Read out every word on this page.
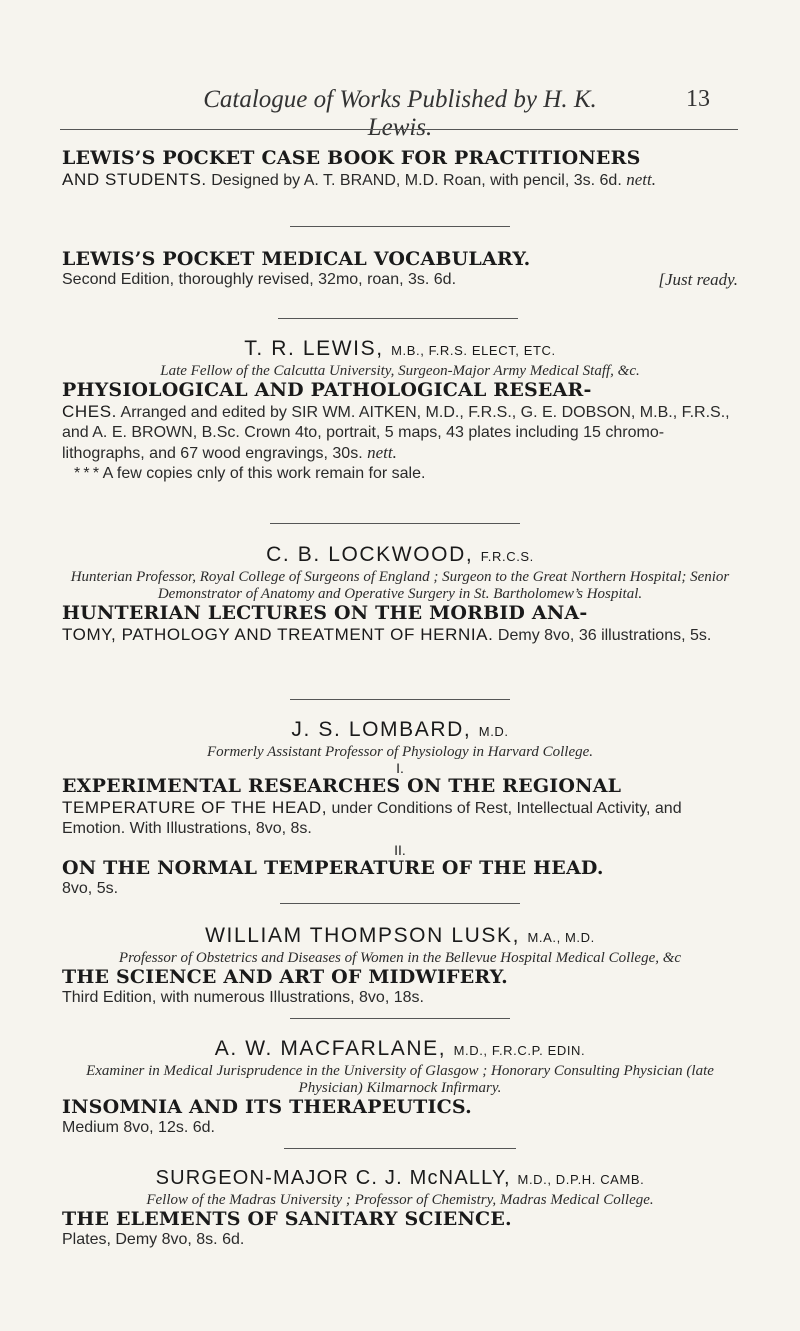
Catalogue of Works Published by H. K. Lewis.
13

LEWIS’S POCKET CASE BOOK FOR PRACTITIONERS

AND STUDENTS. Designed by A. T. BRAND, M.D. Roan, with pencil, 3s. 6d. nett.

LEWIS’S POCKET MEDICAL VOCABULARY.

Second Edition, thoroughly revised, 32mo, roan, 3s. 6d.	[Just ready.

T. R. LEWIS, M.B., F.R.S. ELECT, ETC.

Late Fellow of the Calcutta University, Surgeon-Major Army Medical Staff, &c.

PHYSIOLOGICAL AND PATHOLOGICAL RESEAR-

CHES. Arranged and edited by SIR WM. AITKEN, M.D., F.R.S., G. E. DOBSON, M.B., F.R.S., and A. E. BROWN, B.Sc. Crown 4to, portrait, 5 maps, 43 plates including 15 chromo-lithographs, and 67 wood engravings, 30s. nett.

* * * A few copies cnly of this work remain for sale.

C. B. LOCKWOOD, F.R.C.S.

Hunterian Professor, Royal College of Surgeons of England ; Surgeon to the Great Northern Hospital; Senior Demonstrator of Anatomy and Operative Surgery in St. Bartholomew’s Hospital.

HUNTERIAN LECTURES ON THE MORBID ANA-

TOMY, PATHOLOGY AND TREATMENT OF HERNIA. Demy 8vo, 36 illustrations, 5s.

J. S. LOMBARD, M.D.

Formerly Assistant Professor of Physiology in Harvard College.

I.

EXPERIMENTAL RESEARCHES ON THE REGIONAL

TEMPERATURE OF THE HEAD, under Conditions of Rest, Intellectual Activity, and Emotion. With Illustrations, 8vo, 8s.

II.

ON THE NORMAL TEMPERATURE OF THE HEAD.

8vo, 5s.

WILLIAM THOMPSON LUSK, M.A., M.D.

Professor of Obstetrics and Diseases of Women in the Bellevue Hospital Medical College, &c

THE SCIENCE AND ART OF MIDWIFERY.

Third Edition, with numerous Illustrations, 8vo, 18s.

A. W. MACFARLANE, M.D., F.R.C.P. EDIN.

Examiner in Medical Jurisprudence in the University of Glasgow ; Honorary Consulting Physician (late Physician) Kilmarnock Infirmary.

INSOMNIA AND ITS THERAPEUTICS.

Medium 8vo, 12s. 6d.

SURGEON-MAJOR C. J. McNALLY, M.D., D.P.H. CAMB.

Fellow of the Madras University ; Professor of Chemistry, Madras Medical College.

THE ELEMENTS OF SANITARY SCIENCE.

Plates, Demy 8vo, 8s. 6d.
